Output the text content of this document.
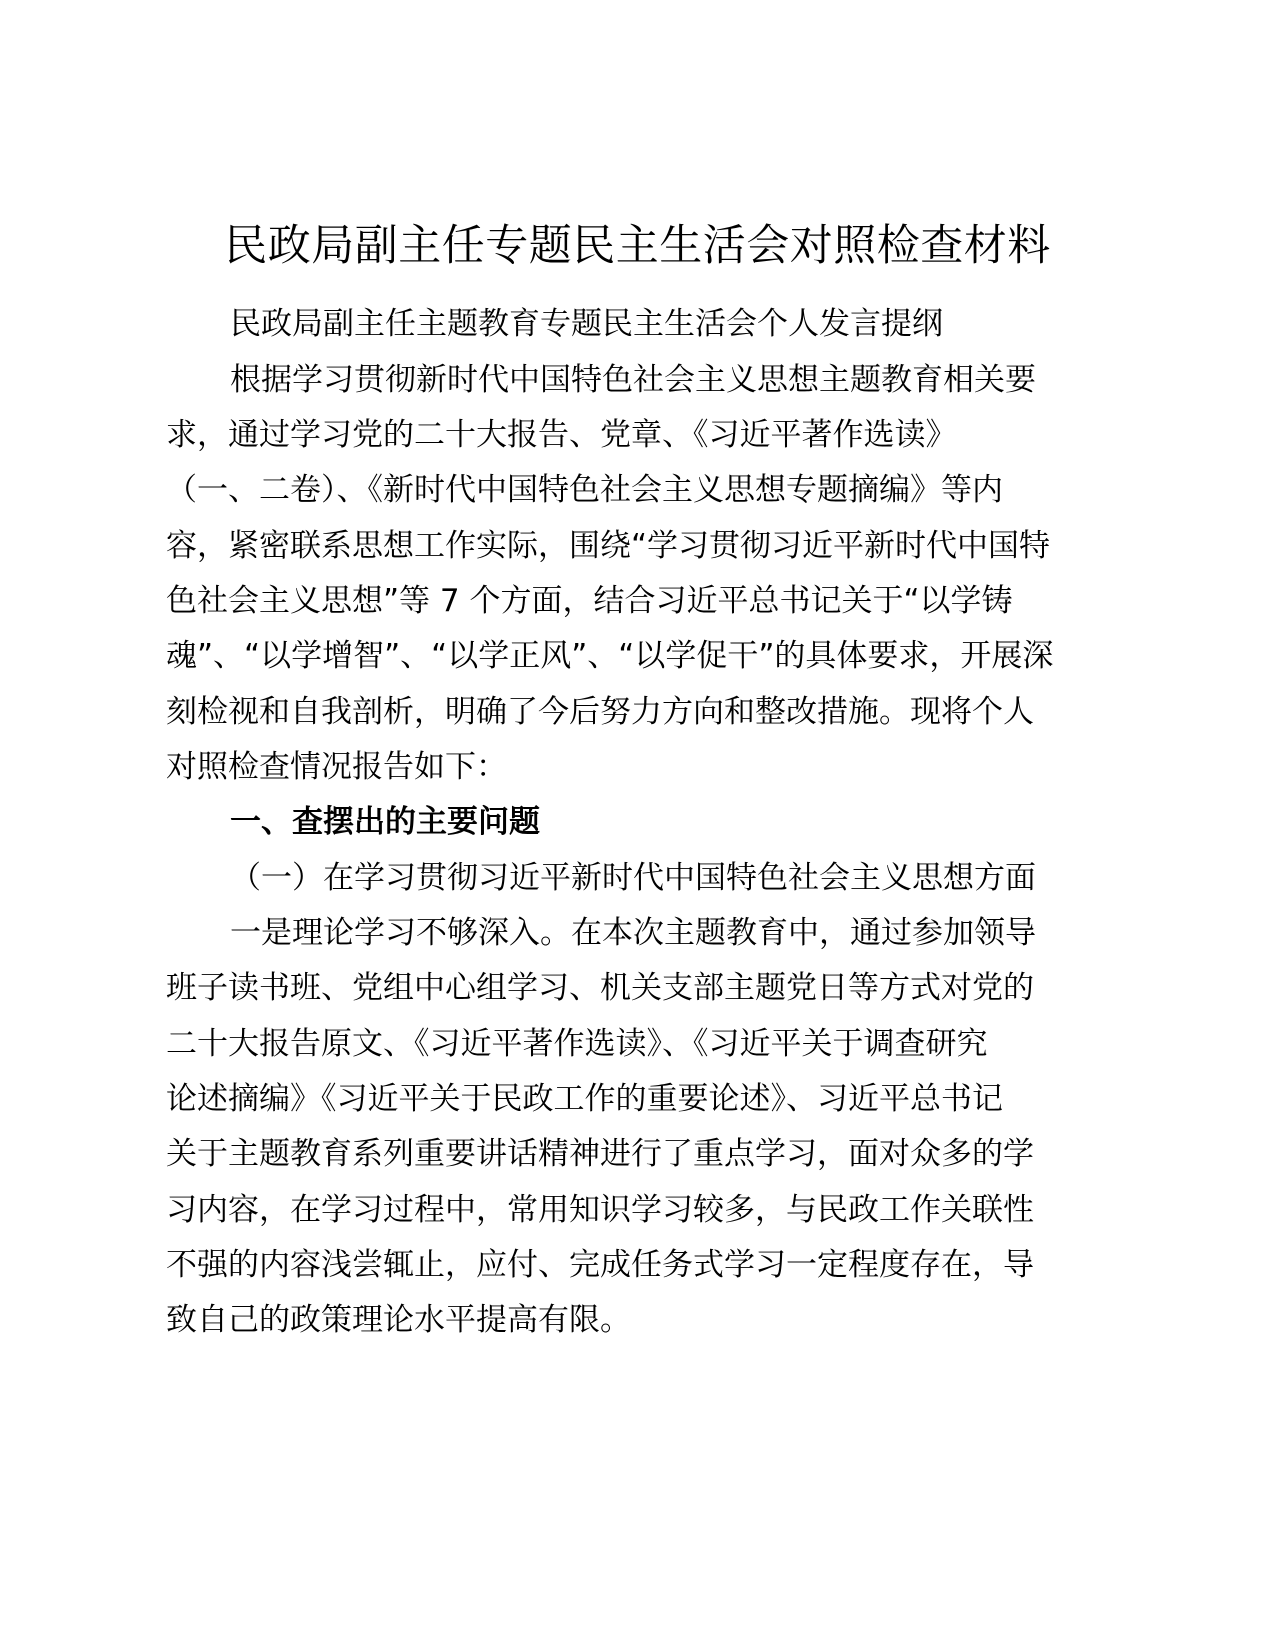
民政局副主任专题民主生活会对照检查材料
民政局副主任主题教育专题民主生活会个人发言提纲
根据学习贯彻新时代中国特色社会主义思想主题教育相关要
求，通过学习党的二十大报告、党章、《习近平著作选读》
（一、二卷）、《新时代中国特色社会主义思想专题摘编》等内
容，紧密联系思想工作实际，围绕“学习贯彻习近平新时代中国特
色社会主义思想”等 7 个方面，结合习近平总书记关于“以学铸
魂”、“以学增智”、“以学正风”、“以学促干”的具体要求，开展深
刻检视和自我剖析，明确了今后努力方向和整改措施。现将个人
对照检查情况报告如下：
一、查摆出的主要问题
（一）在学习贯彻习近平新时代中国特色社会主义思想方面
一是理论学习不够深入。在本次主题教育中，通过参加领导
班子读书班、党组中心组学习、机关支部主题党日等方式对党的
二十大报告原文、《习近平著作选读》、《习近平关于调查研究
论述摘编》《习近平关于民政工作的重要论述》、习近平总书记
关于主题教育系列重要讲话精神进行了重点学习，面对众多的学
习内容，在学习过程中，常用知识学习较多，与民政工作关联性
不强的内容浅尝辄止，应付、完成任务式学习一定程度存在，导
致自己的政策理论水平提高有限。
